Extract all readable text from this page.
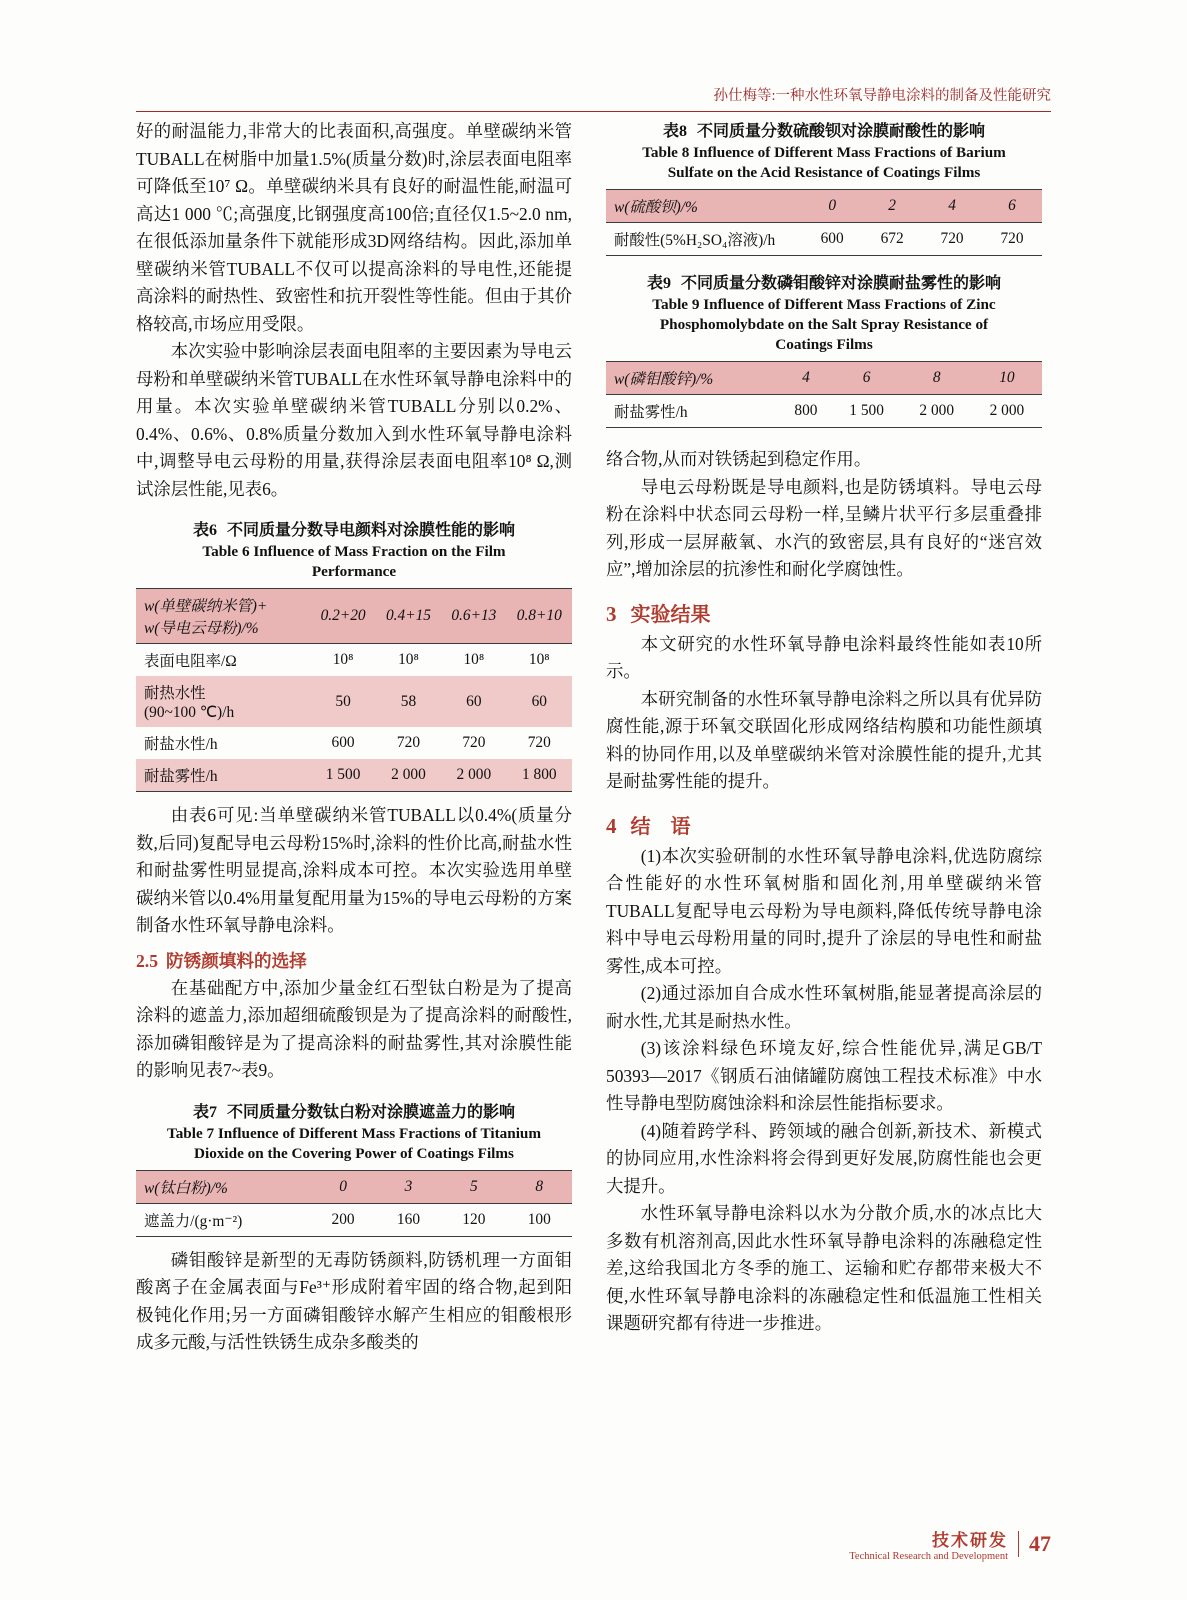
孙仕梅等:一种水性环氧导静电涂料的制备及性能研究

好的耐温能力,非常大的比表面积,高强度。单壁碳纳米管TUBALL在树脂中加量1.5%(质量分数)时,涂层表面电阻率可降低至10⁷ Ω。单壁碳纳米具有良好的耐温性能,耐温可高达1 000 ℃;高强度,比钢强度高100倍;直径仅1.5~2.0 nm,在很低添加量条件下就能形成3D网络结构。因此,添加单壁碳纳米管TUBALL不仅可以提高涂料的导电性,还能提高涂料的耐热性、致密性和抗开裂性等性能。但由于其价格较高,市场应用受限。

本次实验中影响涂层表面电阻率的主要因素为导电云母粉和单壁碳纳米管TUBALL在水性环氧导静电涂料中的用量。本次实验单壁碳纳米管TUBALL分别以0.2%、0.4%、0.6%、0.8%质量分数加入到水性环氧导静电涂料中,调整导电云母粉的用量,获得涂层表面电阻率10⁸ Ω,测试涂层性能,见表6。

表6 不同质量分数导电颜料对涂膜性能的影响
Table 6 Influence of Mass Fraction on the Film
Performance
w(单壁碳纳米管)+
w(导电云母粉)/%	0.2+20	0.4+15	0.6+13	0.8+10
表面电阻率/Ω	10⁸	10⁸	10⁸	10⁸

耐热水性
(90~100 ℃)/h	50	58	60	60
耐盐水性/h	600	720	720	720
耐盐雾性/h	1 500	2 000	2 000	1 800

由表6可见:当单壁碳纳米管TUBALL以0.4%(质量分数,后同)复配导电云母粉15%时,涂料的性价比高,耐盐水性和耐盐雾性明显提高,涂料成本可控。本次实验选用单壁碳纳米管以0.4%用量复配用量为15%的导电云母粉的方案制备水性环氧导静电涂料。

2.5 防锈颜填料的选择

在基础配方中,添加少量金红石型钛白粉是为了提高涂料的遮盖力,添加超细硫酸钡是为了提高涂料的耐酸性,添加磷钼酸锌是为了提高涂料的耐盐雾性,其对涂膜性能的影响见表7~表9。

表7 不同质量分数钛白粉对涂膜遮盖力的影响
Table 7 Influence of Different Mass Fractions of Titanium
Dioxide on the Covering Power of Coatings Films
w(钛白粉)/%	0	3	5	8
遮盖力/(g·m⁻²)	200	160	120	100

磷钼酸锌是新型的无毒防锈颜料,防锈机理一方面钼酸离子在金属表面与Fe³⁺形成附着牢固的络合物,起到阳极钝化作用;另一方面磷钼酸锌水解产生相应的钼酸根形成多元酸,与活性铁锈生成杂多酸类的

表8 不同质量分数硫酸钡对涂膜耐酸性的影响
Table 8 Influence of Different Mass Fractions of Barium
Sulfate on the Acid Resistance of Coatings Films
w(硫酸钡)/%	0	2	4	6
耐酸性(5%H₂SO₄溶液)/h	600	672	720	720
表9 不同质量分数磷钼酸锌对涂膜耐盐雾性的影响
Table 9 Influence of Different Mass Fractions of Zinc
Phosphomolybdate on the Salt Spray Resistance of
Coatings Films
w(磷钼酸锌)/%	4	6	8	10
耐盐雾性/h	800	1 500	2 000	2 000

络合物,从而对铁锈起到稳定作用。

导电云母粉既是导电颜料,也是防锈填料。导电云母粉在涂料中状态同云母粉一样,呈鳞片状平行多层重叠排列,形成一层屏蔽氧、水汽的致密层,具有良好的“迷宫效应”,增加涂层的抗渗性和耐化学腐蚀性。

3 实验结果

本文研究的水性环氧导静电涂料最终性能如表10所示。

本研究制备的水性环氧导静电涂料之所以具有优异防腐性能,源于环氧交联固化形成网络结构膜和功能性颜填料的协同作用,以及单壁碳纳米管对涂膜性能的提升,尤其是耐盐雾性能的提升。

4 结　语

(1)本次实验研制的水性环氧导静电涂料,优选防腐综合性能好的水性环氧树脂和固化剂,用单壁碳纳米管TUBALL复配导电云母粉为导电颜料,降低传统导静电涂料中导电云母粉用量的同时,提升了涂层的导电性和耐盐雾性,成本可控。

(2)通过添加自合成水性环氧树脂,能显著提高涂层的耐水性,尤其是耐热水性。

(3)该涂料绿色环境友好,综合性能优异,满足GB/T 50393—2017《钢质石油储罐防腐蚀工程技术标准》中水性导静电型防腐蚀涂料和涂层性能指标要求。

(4)随着跨学科、跨领域的融合创新,新技术、新模式的协同应用,水性涂料将会得到更好发展,防腐性能也会更大提升。

水性环氧导静电涂料以水为分散介质,水的冰点比大多数有机溶剂高,因此水性环氧导静电涂料的冻融稳定性差,这给我国北方冬季的施工、运输和贮存都带来极大不便,水性环氧导静电涂料的冻融稳定性和低温施工性相关课题研究都有待进一步推进。

技术研发
Technical Research and Development
47
